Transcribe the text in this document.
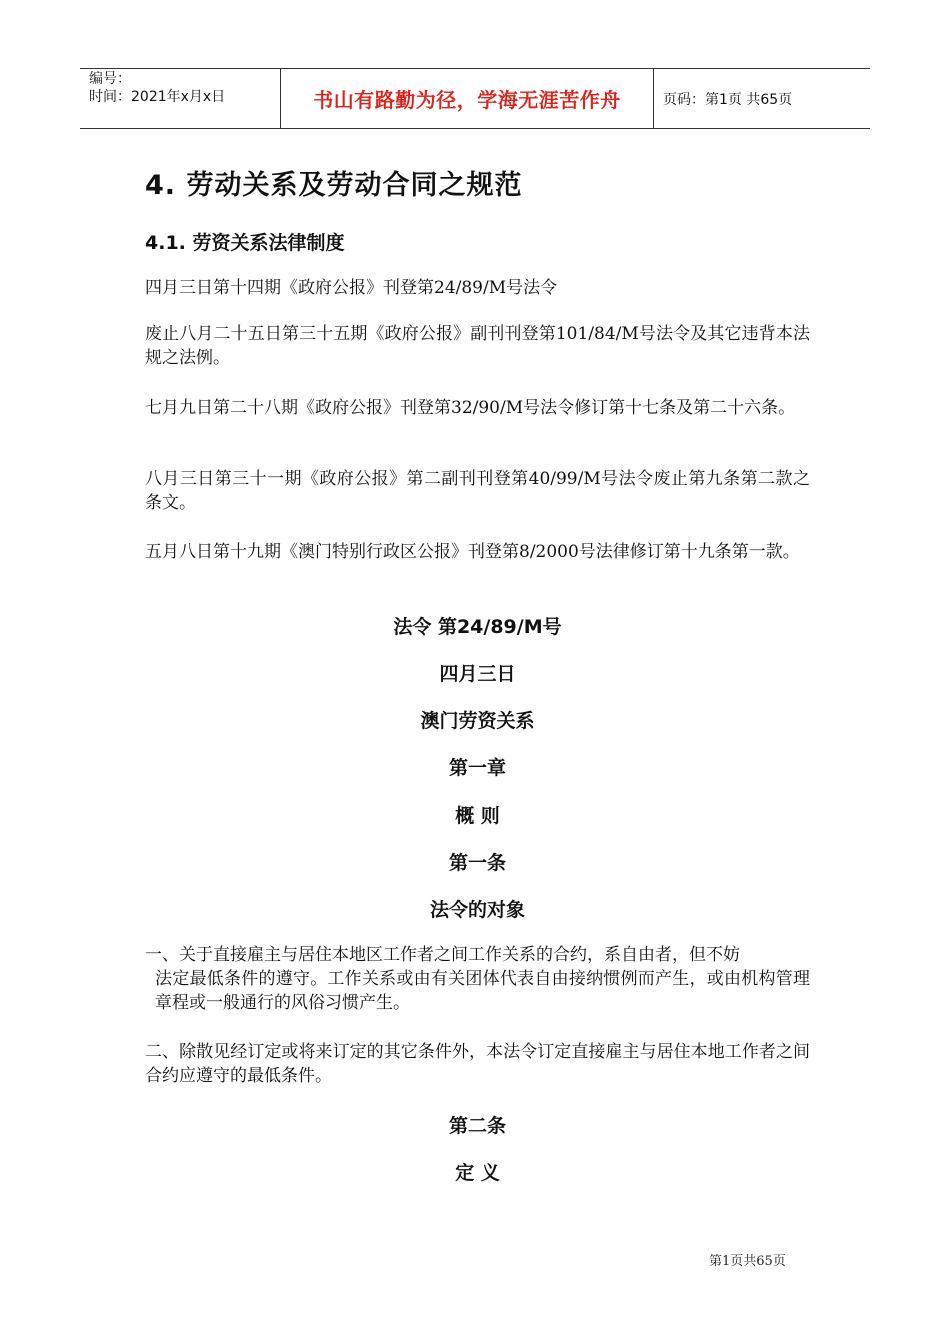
编号：
时间：2021年x月x日	书山有路勤为径，学海无涯苦作舟	页码：第1页 共65页
4. 劳动关系及劳动合同之规范
4.1. 劳资关系法律制度
四月三日第十四期《政府公报》刊登第24/89/M号法令
废止八月二十五日第三十五期《政府公报》副刊刊登第101/84/M号法令及其它违背本法规之法例。
七月九日第二十八期《政府公报》刊登第32/90/M号法令修订第十七条及第二十六条。
八月三日第三十一期《政府公报》第二副刊刊登第40/99/M号法令废止第九条第二款之条文。
五月八日第十九期《澳门特别行政区公报》刊登第8/2000号法律修订第十九条第一款。
法令 第24/89/M号
四月三日
澳门劳资关系
第一章
概 则
第一条
法令的对象
一、关于直接雇主与居住本地区工作者之间工作关系的合约，系自由者，但不妨
法定最低条件的遵守。工作关系或由有关团体代表自由接纳惯例而产生，或由机构管理章程或一般通行的风俗习惯产生。
二、除散见经订定或将来订定的其它条件外，本法令订定直接雇主与居住本地工作者之间合约应遵守的最低条件。
第二条
定 义
第1页共65页
